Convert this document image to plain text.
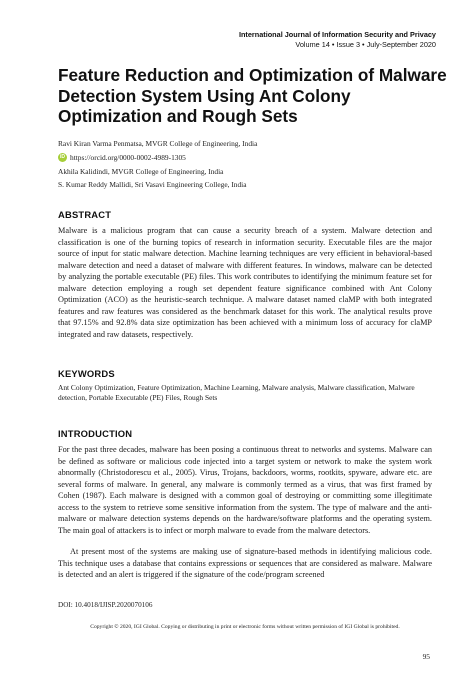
International Journal of Information Security and Privacy
Volume 14 • Issue 3 • July-September 2020
Feature Reduction and Optimization of Malware Detection System Using Ant Colony Optimization and Rough Sets
Ravi Kiran Varma Penmatsa, MVGR College of Engineering, India
iD https://orcid.org/0000-0002-4989-1305
Akhila Kalidindi, MVGR College of Engineering, India
S. Kumar Reddy Mallidi, Sri Vasavi Engineering College, India
ABSTRACT

Malware is a malicious program that can cause a security breach of a system. Malware detection and classification is one of the burning topics of research in information security. Executable files are the major source of input for static malware detection. Machine learning techniques are very efficient in behavioral-based malware detection and need a dataset of malware with different features. In windows, malware can be detected by analyzing the portable executable (PE) files. This work contributes to identifying the minimum feature set for malware detection employing a rough set dependent feature significance combined with Ant Colony Optimization (ACO) as the heuristic-search technique. A malware dataset named claMP with both integrated features and raw features was considered as the benchmark dataset for this work. The analytical results prove that 97.15% and 92.8% data size optimization has been achieved with a minimum loss of accuracy for claMP integrated and raw datasets, respectively.

KEYWORDS

Ant Colony Optimization, Feature Optimization, Machine Learning, Malware analysis, Malware classification, Malware detection, Portable Executable (PE) Files, Rough Sets

INTRODUCTION

For the past three decades, malware has been posing a continuous threat to networks and systems. Malware can be defined as software or malicious code injected into a target system or network to make the system work abnormally (Christodorescu et al., 2005). Virus, Trojans, backdoors, worms, rootkits, spyware, adware etc. are several forms of malware. In general, any malware is commonly termed as a virus, that was first framed by Cohen (1987). Each malware is designed with a common goal of destroying or committing some illegitimate access to the system to retrieve some sensitive information from the system. The type of malware and the anti-malware or malware detection systems depends on the hardware/software platforms and the operating system. The main goal of attackers is to infect or morph malware to evade from the malware detectors.

At present most of the systems are making use of signature-based methods in identifying malicious code. This technique uses a database that contains expressions or sequences that are considered as malware. Malware is detected and an alert is triggered if the signature of the code/program screened

DOI: 10.4018/IJISP.2020070106
Copyright © 2020, IGI Global. Copying or distributing in print or electronic forms without written permission of IGI Global is prohibited.
95
